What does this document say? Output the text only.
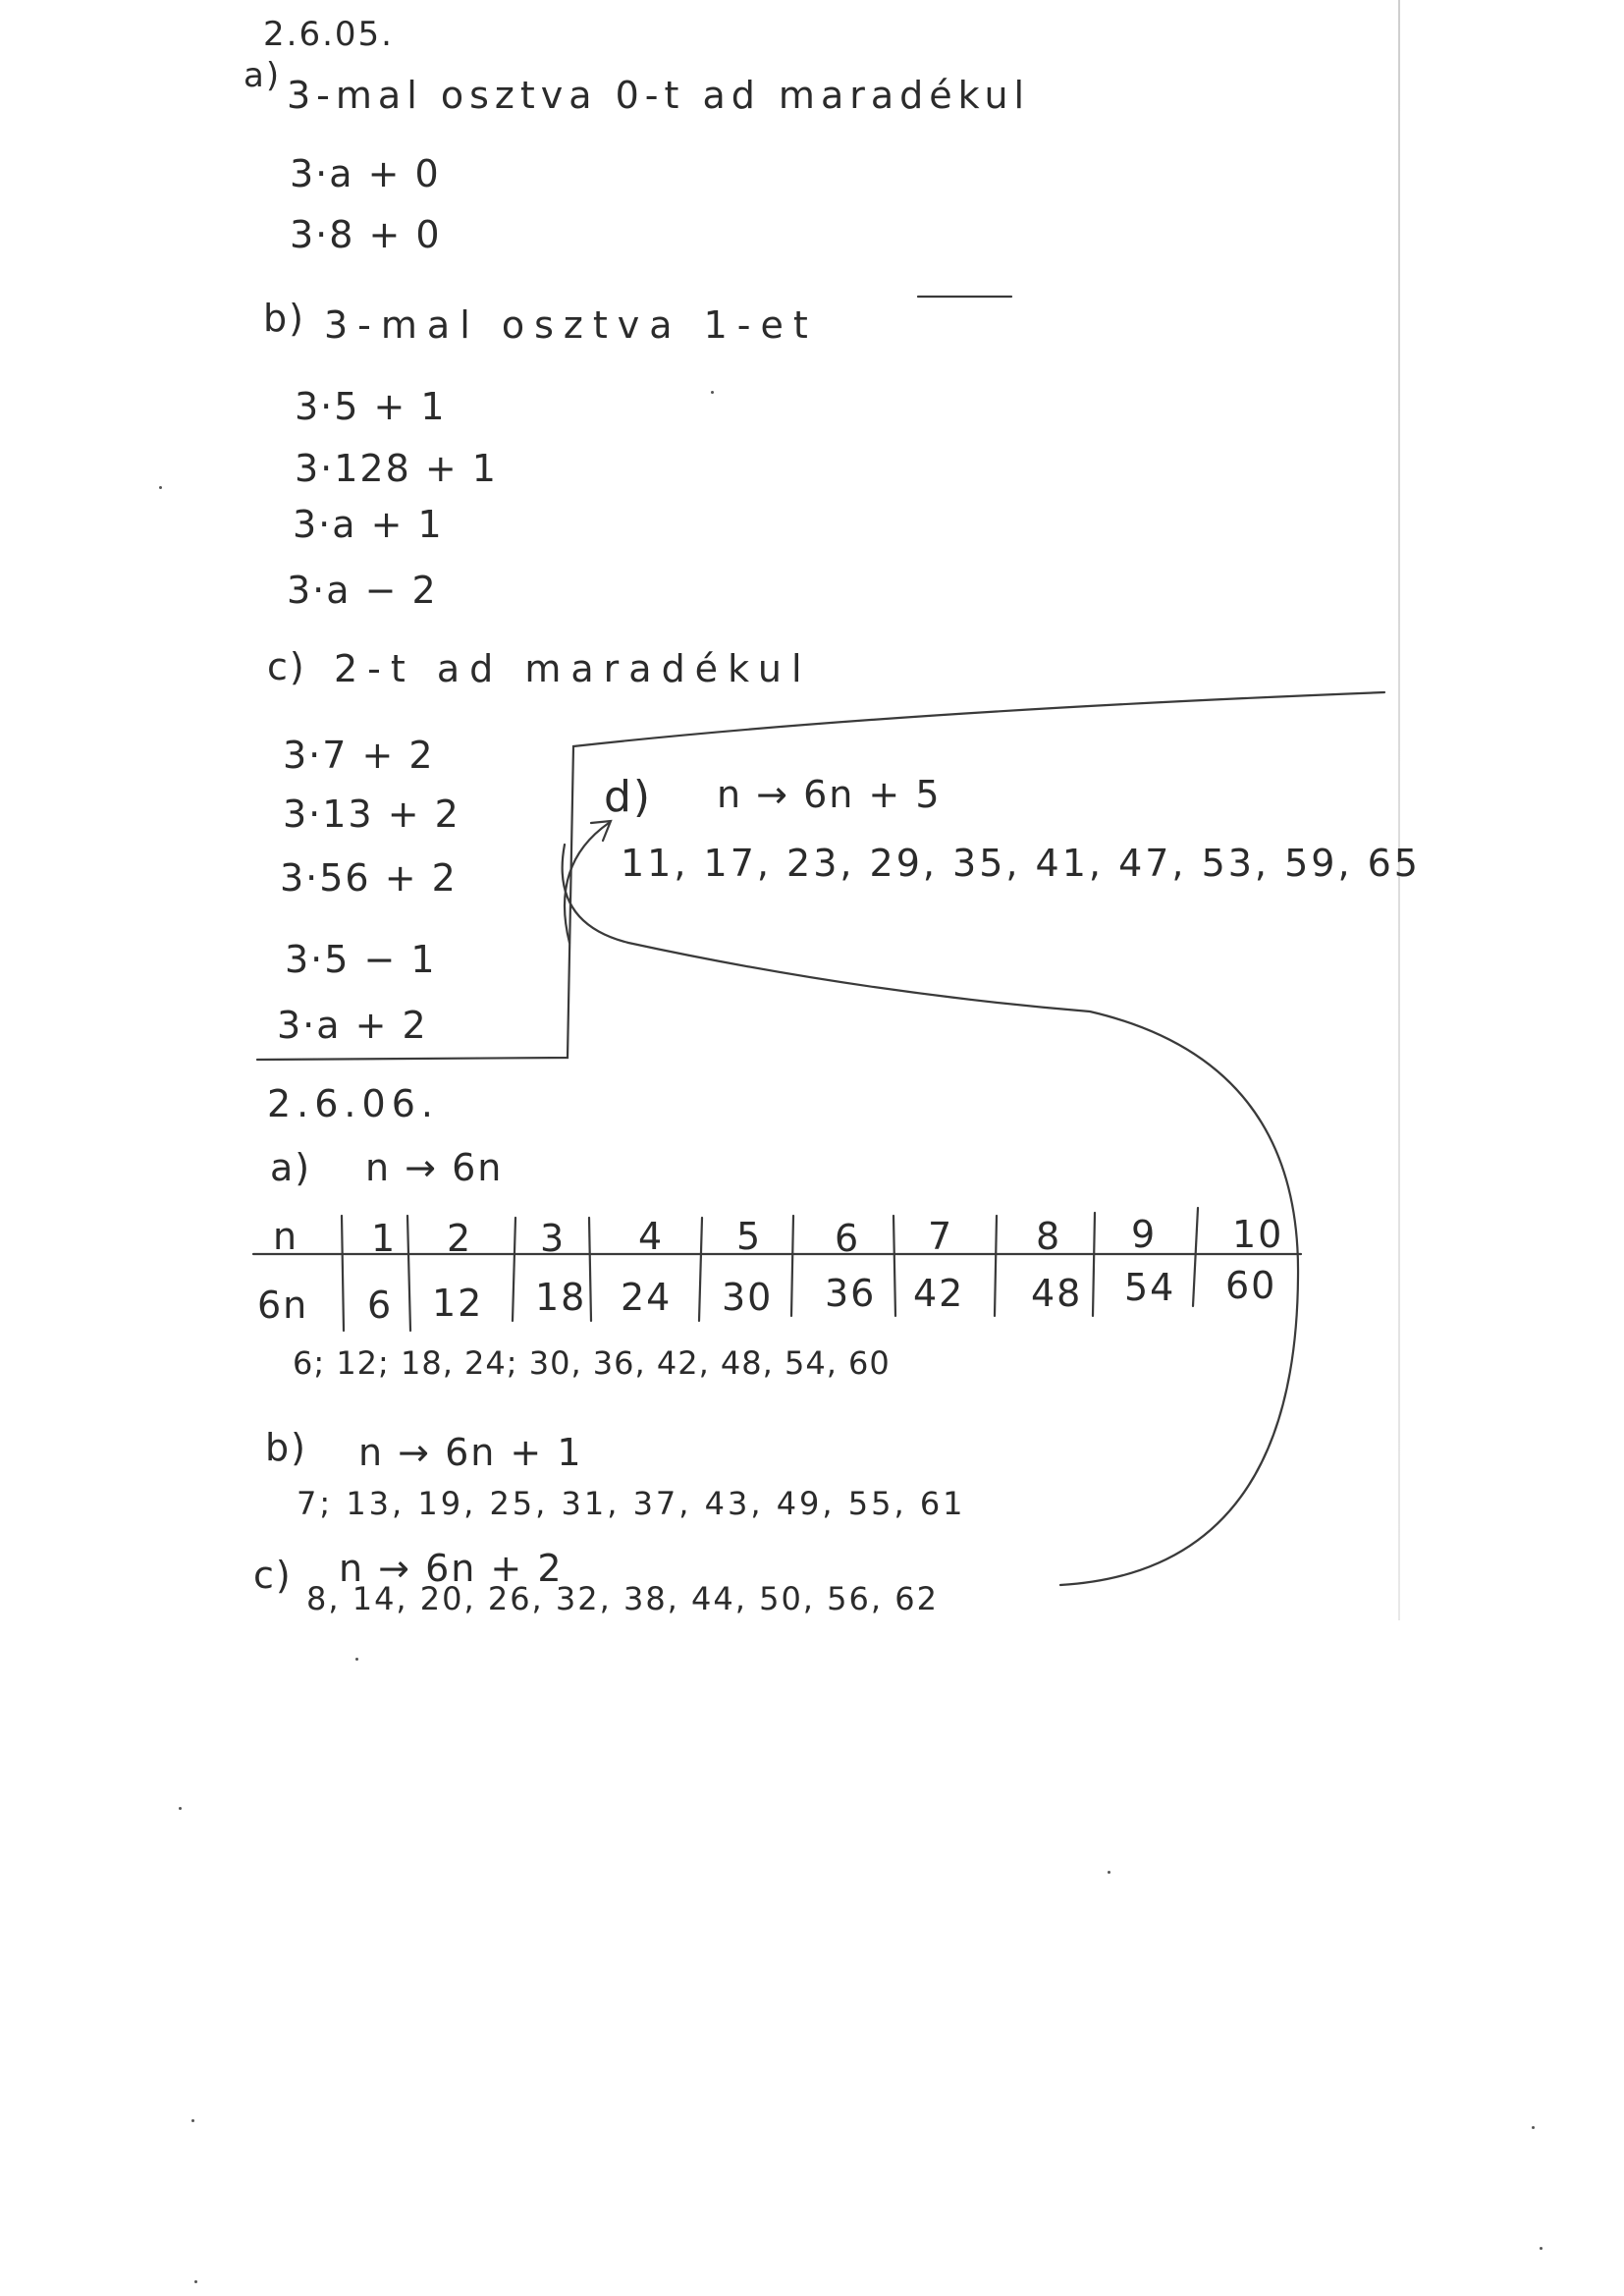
2.6.05.
a) 3-mal osztva 0-t ad maradékul
3·a + 0
3·8 + 0
b) 3-mal osztva 1-et
3·5 + 1
3·128 + 1
3·a + 1
3·a − 2
c) 2-t ad maradékul
3·7 + 2
3·13 + 2
3·56 + 2
3·5 − 1
3·a + 2
d) n → 6n + 5
11, 17, 23, 29, 35, 41, 47, 53, 59, 65
2.6.06.
a) n → 6n
n
6n
1 2 3 4 5 6 7 8 9 10
6 12 18 24 30 36 42 48 54 60
6; 12; 18, 24; 30, 36, 42, 48, 54, 60
b) n → 6n + 1
7; 13, 19, 25, 31, 37, 43, 49, 55, 61
c) n → 6n + 2
8, 14, 20, 26, 32, 38, 44, 50, 56, 62
